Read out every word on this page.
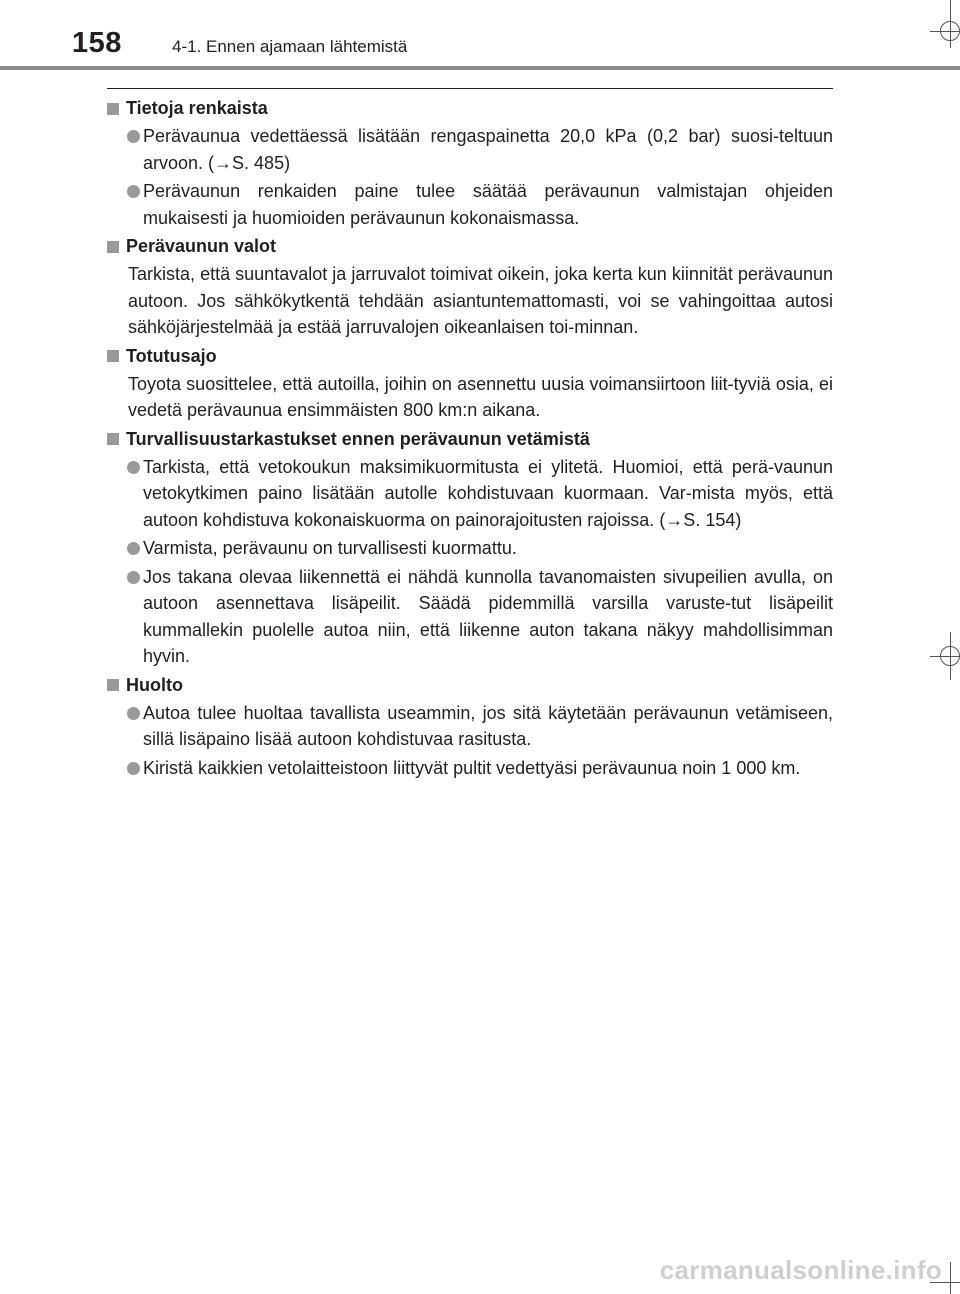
158	4-1. Ennen ajamaan lähtemistä
Tietoja renkaista
Perävaunua vedettäessä lisätään rengaspainetta 20,0 kPa (0,2 bar) suosi-teltuun arvoon. (→S. 485)
Perävaunun renkaiden paine tulee säätää perävaunun valmistajan ohjeiden mukaisesti ja huomioiden perävaunun kokonaismassa.
Perävaunun valot
Tarkista, että suuntavalot ja jarruvalot toimivat oikein, joka kerta kun kiinnität perävaunun autoon. Jos sähkökytkentä tehdään asiantuntemattomasti, voi se vahingoittaa autosi sähköjärjestelmää ja estää jarruvalojen oikeanlaisen toi-minnan.
Totutusajo
Toyota suosittelee, että autoilla, joihin on asennettu uusia voimansiirtoon liit-tyviä osia, ei vedetä perävaunua ensimmäisten 800 km:n aikana.
Turvallisuustarkastukset ennen perävaunun vetämistä
Tarkista, että vetokoukun maksimikuormitusta ei ylitetä. Huomioi, että perä-vaunun vetokytkimen paino lisätään autolle kohdistuvaan kuormaan. Var-mista myös, että autoon kohdistuva kokonaiskuorma on painorajoitusten rajoissa. (→S. 154)
Varmista, perävaunu on turvallisesti kuormattu.
Jos takana olevaa liikennettä ei nähdä kunnolla tavanomaisten sivupeilien avulla, on autoon asennettava lisäpeilit. Säädä pidemmillä varsilla varuste-tut lisäpeilit kummallekin puolelle autoa niin, että liikenne auton takana näkyy mahdollisimman hyvin.
Huolto
Autoa tulee huoltaa tavallista useammin, jos sitä käytetään perävaunun vetämiseen, sillä lisäpaino lisää autoon kohdistuvaa rasitusta.
Kiristä kaikkien vetolaitteistoon liittyvät pultit vedettyäsi perävaunua noin 1 000 km.
carmanualsonline.info
